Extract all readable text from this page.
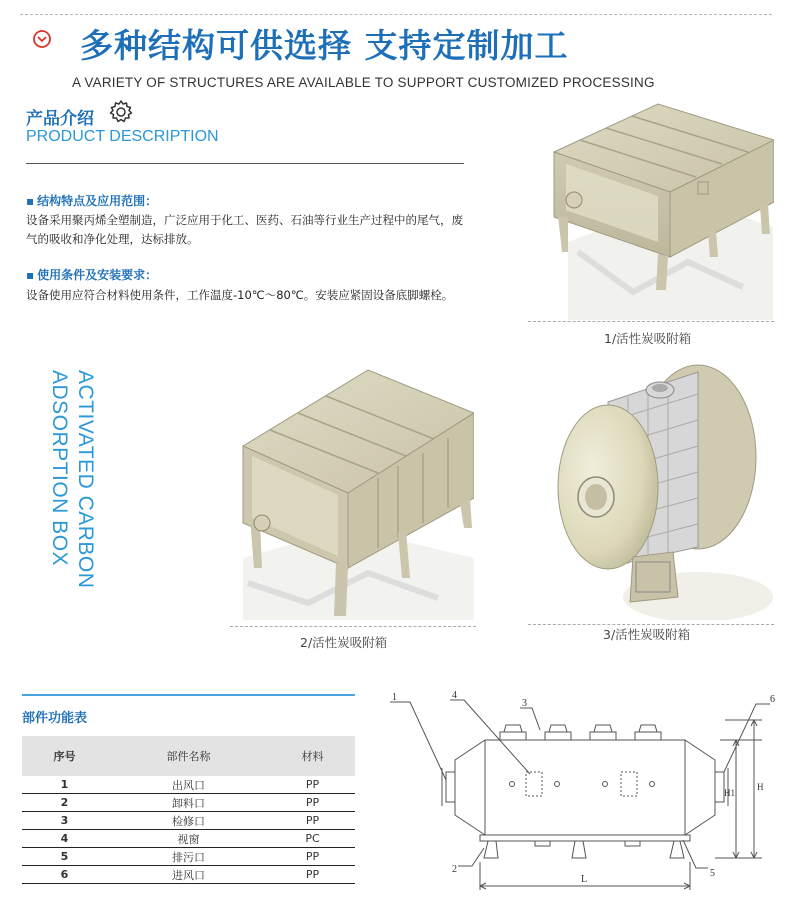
多种结构可供选择 支持定制加工
A VARIETY OF STRUCTURES ARE AVAILABLE TO SUPPORT CUSTOMIZED PROCESSING
产品介绍
PRODUCT DESCRIPTION
▪ 结构特点及应用范围：
设备采用聚丙烯全塑制造，广泛应用于化工、医药、石油等行业生产过程中的尾气，废气的吸收和净化处理，达标排放。
▪ 使用条件及安装要求：
设备使用应符合材料使用条件，工作温度-10℃～80℃。安装应紧固设备底脚螺栓。
ACTIVATED CARBON
ADSORPTION BOX
1/活性炭吸附箱
2/活性炭吸附箱
3/活性炭吸附箱
部件功能表
序号	部件名称	材料
1	出风口	PP
2	卸料口	PP
3	检修口	PP
4	视窗	PC
5	排污口	PP
6	进风口	PP
1
2
3
4
5
6
L
H1
H
